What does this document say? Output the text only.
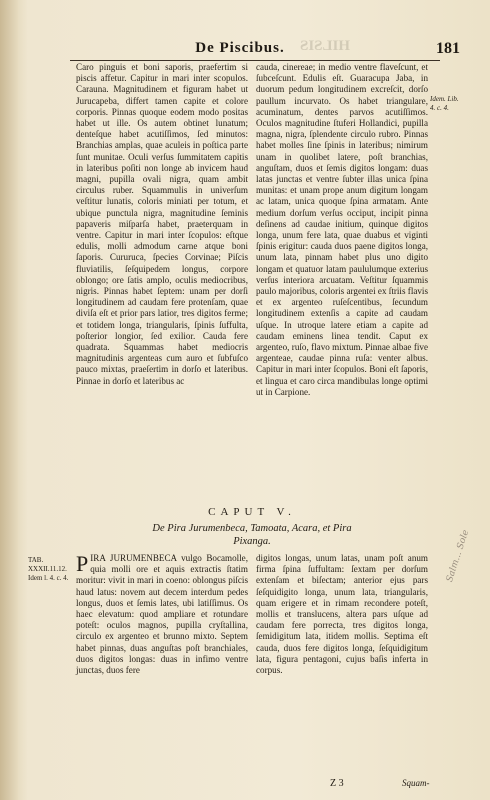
HILSIS
De Piscibus.	181

Caro pinguis et boni saporis, praefertim si piscis affetur. Capitur in mari inter scopulos. Carauna. Magnitudinem et figuram habet ut Jurucapeba, differt tamen capite et colore corporis. Pinnas quoque eodem modo positas habet ut ille. Os autem obtinet lunatum; denteſque habet acutiſſimos, ſed minutos: Branchias amplas, quae aculeis in poſtica parte ſunt munitae. Oculi verſus ſummitatem capitis in lateribus poſiti non longe ab invicem haud magni, pupilla ovali nigra, quam ambit circulus ruber. Squammulis in univerſum veſtitur lunatis, coloris miniati per totum, et ubique punctula nigra, magnitudine ſeminis papaveris miſparſa habet, praeterquam in ventre. Capitur in mari inter ſcopulos: eſtque edulis, molli admodum carne atque boni ſaporis. Cururuca, ſpecies Corvinae; Piſcis fluviatilis, ſeſquipedem longus, corpore oblongo; ore ſatis amplo, oculis mediocribus, nigris. Pinnas habet ſeptem: unam per dorſi longitudinem ad caudam fere protenſam, quae diviſa eſt et prior pars latior, tres digitos ferme; et totidem longa, triangularis, ſpinis ſuffulta, poſterior longior, ſed exilior. Cauda fere quadrata. Squammas habet mediocris magnitudinis argenteas cum auro et ſubfuſco pauco mixtas, praeſertim in dorſo et lateribus. Pinnae in dorſo et lateribus ac

cauda, cinereae; in medio ventre flaveſcunt, et ſubceſcunt. Edulis eſt. Guaracupa Jaba, in duorum pedum longitudinem excreſcit, dorſo paullum incurvato. Os habet triangulare, acuminatum, dentes parvos acutiſſimos. Oculos magnitudine ſtuferi Hollandici, pupilla magna, nigra, ſplendente circulo rubro. Pinnas habet molles ſine ſpinis in lateribus; nimirum unam in quolibet latere, poſt branchias, anguſtam, duos et ſemis digitos longam: duas latas junctas et ventre ſubter illas unica ſpina munitas: et unam prope anum digitum longam ac latam, unica quoque ſpina armatam. Ante medium dorſum verſus occiput, incipit pinna deſinens ad caudae initium, quinque digitos longa, unum fere lata, quae duabus et viginti ſpinis erigitur: cauda duos paene digitos longa, unum lata, pinnam habet plus uno digito longam et quatuor latam paululumque exterius verſus interiora arcuatam. Veſtitur ſquammis paulo majoribus, coloris argentei ex ſtriis flavis et ex argenteo ruſeſcentibus, ſecundum longitudinem extenſis a capite ad caudam uſque. In utroque latere etiam a capite ad caudam eminens linea tendit. Caput ex argenteo, ruſo, flavo mixtum. Pinnae albae five argenteae, caudae pinna ruſa: venter albus. Capitur in mari inter ſcopulos. Boni eſt ſaporis, et lingua et caro circa mandibulas longe optimi ut in Carpione.

Idem. Lib. 4. c. 4.
CAPUT V.
De Pira Jurumenbeca, Tamoata, Acara, et Pira
Pixanga.
TAB. XXXII.11.12. Idem l. 4. c. 4.
P IRA JURUMENBECA vulgo Bocamolle, quia molli ore et aquis extractis ſtatim moritur: vivit in mari in coeno: oblongus piſcis haud latus: novem aut decem interdum pedes longus, duos et ſemis lates, ubi latiſſimus. Os haec elevatum: quod ampliare et rotundare poteſt: oculos magnos, pupilla cryſtallina, circulo ex argenteo et brunno mixto. Septem habet pinnas, duas anguſtas poſt branchiales, duos digitos longas: duas in infimo ventre junctas, duos fere

digitos longas, unum latas, unam poſt anum firma ſpina ſuffultam: ſextam per dorſum extenſam et biſectam; anterior ejus pars ſeſquidigito longa, unum lata, triangularis, quam erigere et in rimam recondere poteſt, mollis et translucens, altera pars uſque ad caudam fere porrecta, tres digitos longa, ſemidigitum lata, itidem mollis. Septima eſt cauda, duos fere digitos longa, ſeſquidigitum lata, figura pentagoni, cujus baſis inferta in corpus.

Salm... Sole
Z 3	Squam-
